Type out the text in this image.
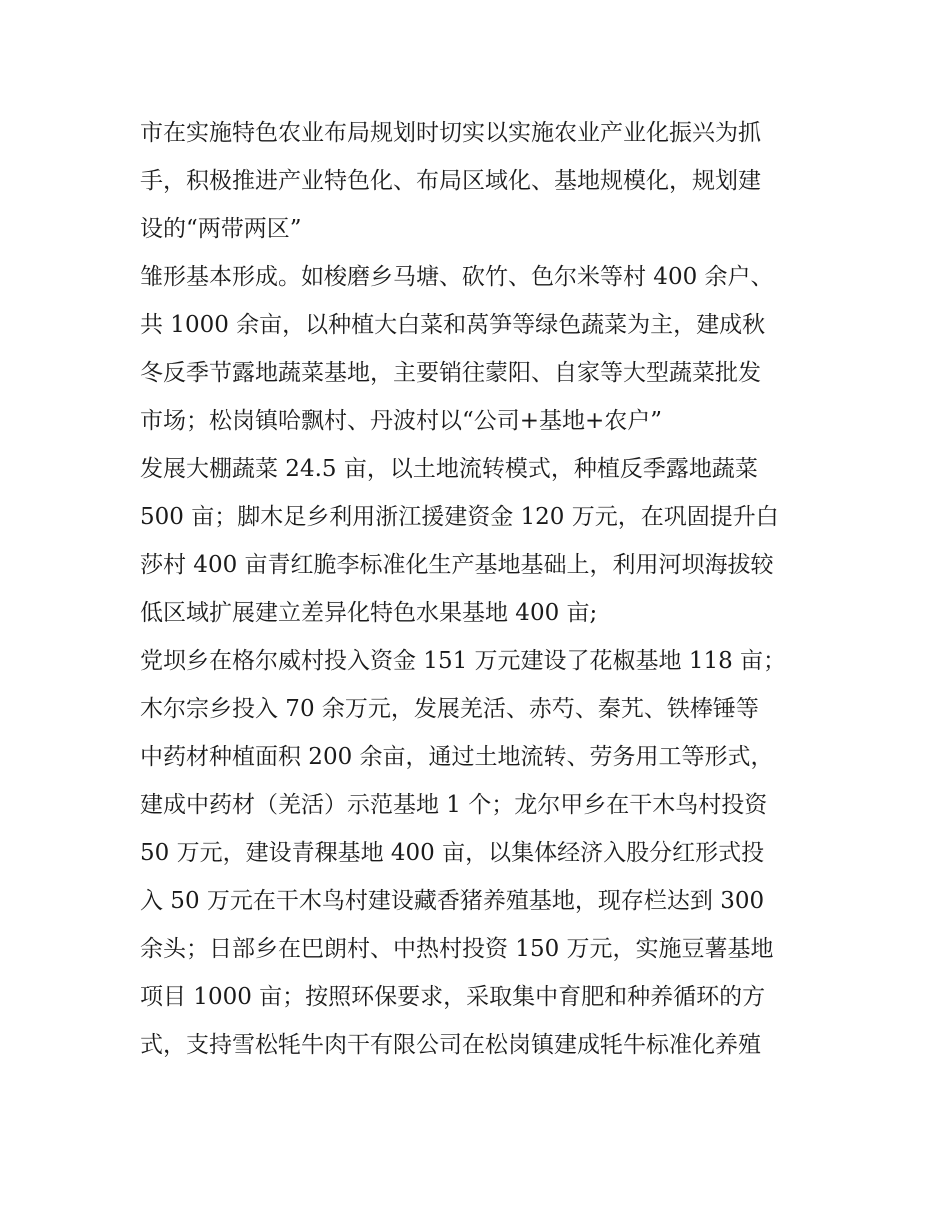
市在实施特色农业布局规划时切实以实施农业产业化振兴为抓
手，积极推进产业特色化、布局区域化、基地规模化，规划建
设的“两带两区”
雏形基本形成。如梭磨乡马塘、砍竹、色尔米等村 400 余户、
共 1000 余亩，以种植大白菜和莴笋等绿色蔬菜为主，建成秋
冬反季节露地蔬菜基地，主要销往蒙阳、自家等大型蔬菜批发
市场；松岗镇哈飘村、丹波村以“公司+基地+农户”
发展大棚蔬菜 24.5 亩，以土地流转模式，种植反季露地蔬菜
500 亩；脚木足乡利用浙江援建资金 120 万元，在巩固提升白
莎村 400 亩青红脆李标准化生产基地基础上，利用河坝海拔较
低区域扩展建立差异化特色水果基地 400 亩;
党坝乡在格尔威村投入资金 151 万元建设了花椒基地 118 亩；
木尔宗乡投入 70 余万元，发展羌活、赤芍、秦艽、铁棒锤等
中药材种植面积 200 余亩，通过土地流转、劳务用工等形式，
建成中药材（羌活）示范基地 1 个；龙尔甲乡在干木鸟村投资
50 万元，建设青稞基地 400 亩，以集体经济入股分红形式投
入 50 万元在干木鸟村建设藏香猪养殖基地，现存栏达到 300
余头；日部乡在巴朗村、中热村投资 150 万元，实施豆薯基地
项目 1000 亩；按照环保要求，采取集中育肥和种养循环的方
式，支持雪松牦牛肉干有限公司在松岗镇建成牦牛标准化养殖
